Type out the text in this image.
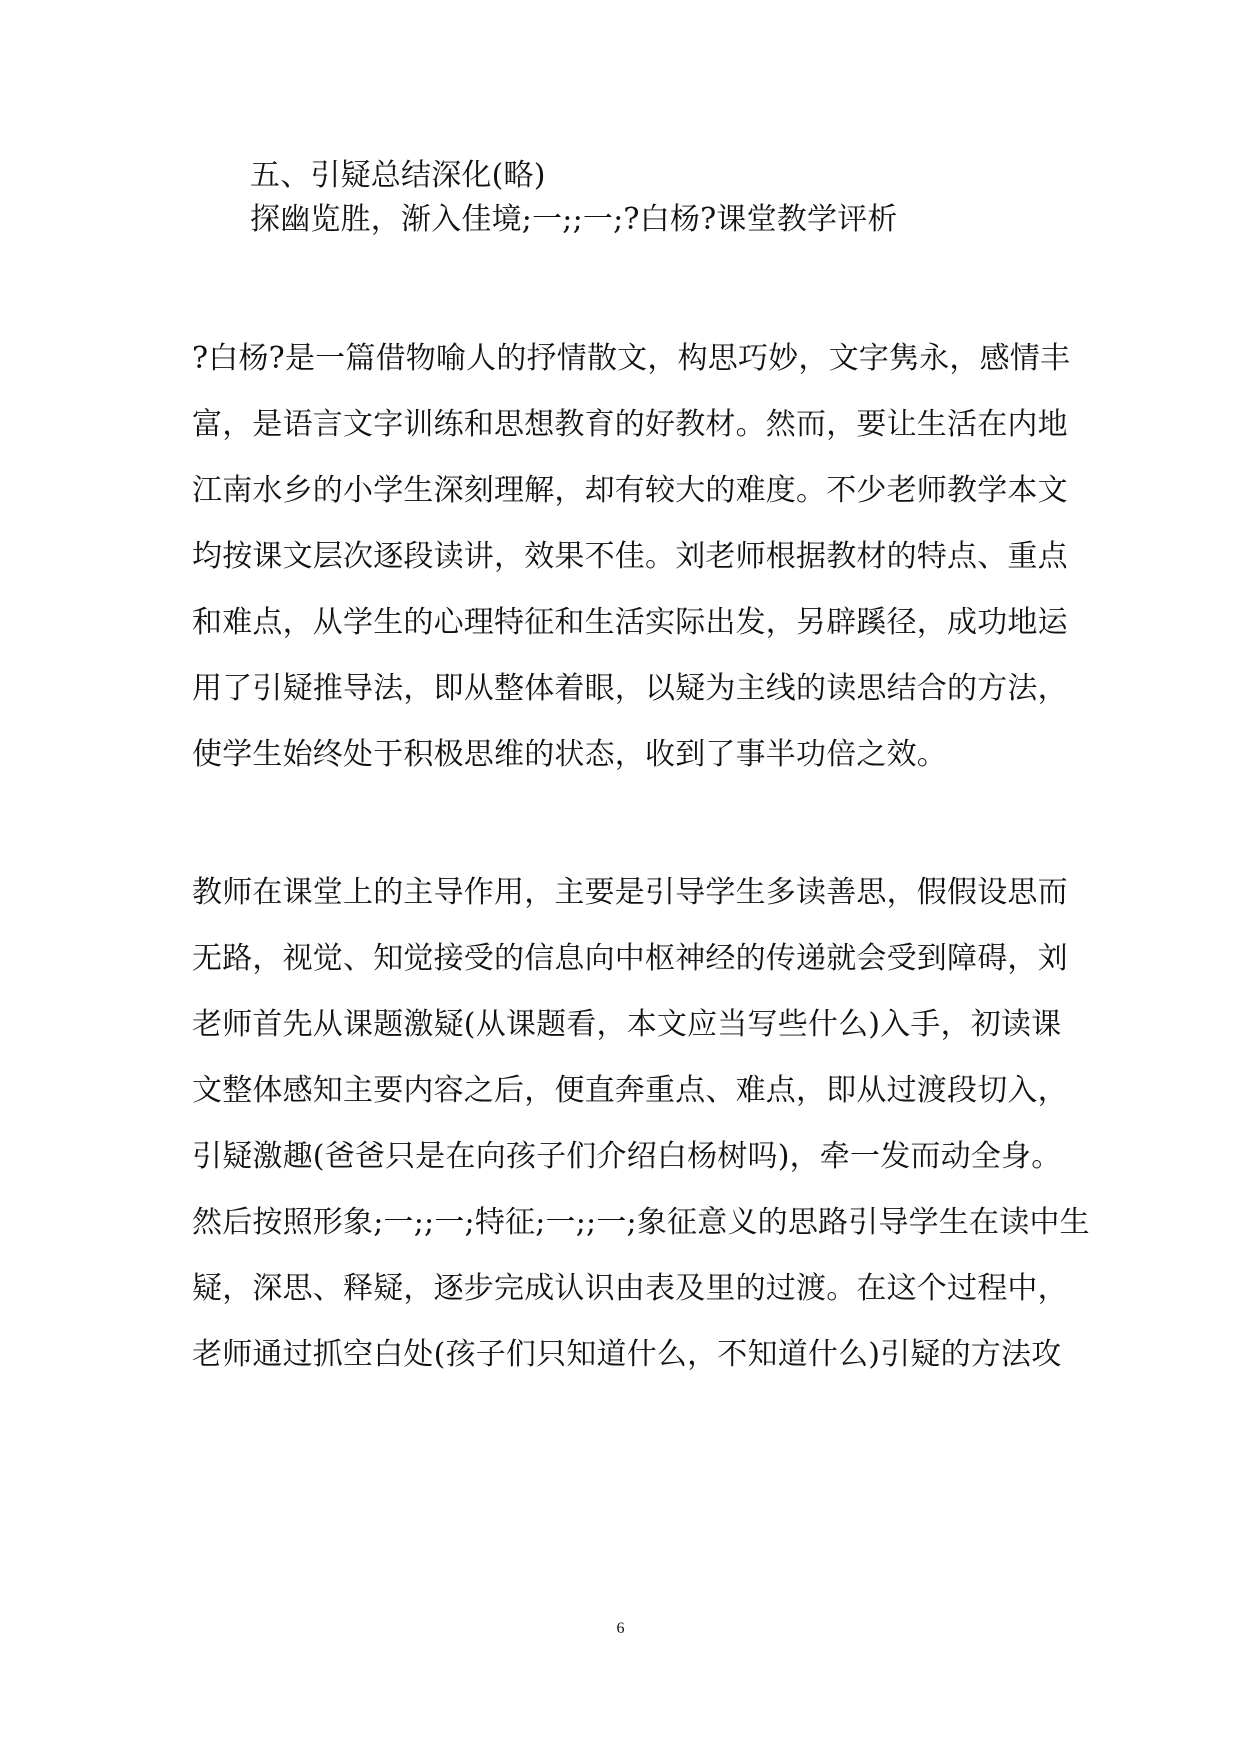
五、引疑总结深化(略)
探幽览胜，渐入佳境;一;;一;?白杨?课堂教学评析
?白杨?是一篇借物喻人的抒情散文，构思巧妙，文字隽永，感情丰
富，是语言文字训练和思想教育的好教材。然而，要让生活在内地
江南水乡的小学生深刻理解，却有较大的难度。不少老师教学本文
均按课文层次逐段读讲，效果不佳。刘老师根据教材的特点、重点
和难点，从学生的心理特征和生活实际出发，另辟蹊径，成功地运
用了引疑推导法，即从整体着眼，以疑为主线的读思结合的方法，
使学生始终处于积极思维的状态，收到了事半功倍之效。
教师在课堂上的主导作用，主要是引导学生多读善思，假假设思而
无路，视觉、知觉接受的信息向中枢神经的传递就会受到障碍，刘
老师首先从课题激疑(从课题看，本文应当写些什么)入手，初读课
文整体感知主要内容之后，便直奔重点、难点，即从过渡段切入，
引疑激趣(爸爸只是在向孩子们介绍白杨树吗)，牵一发而动全身。
然后按照形象;一;;一;特征;一;;一;象征意义的思路引导学生在读中生
疑，深思、释疑，逐步完成认识由表及里的过渡。在这个过程中，
老师通过抓空白处(孩子们只知道什么，不知道什么)引疑的方法攻
6
